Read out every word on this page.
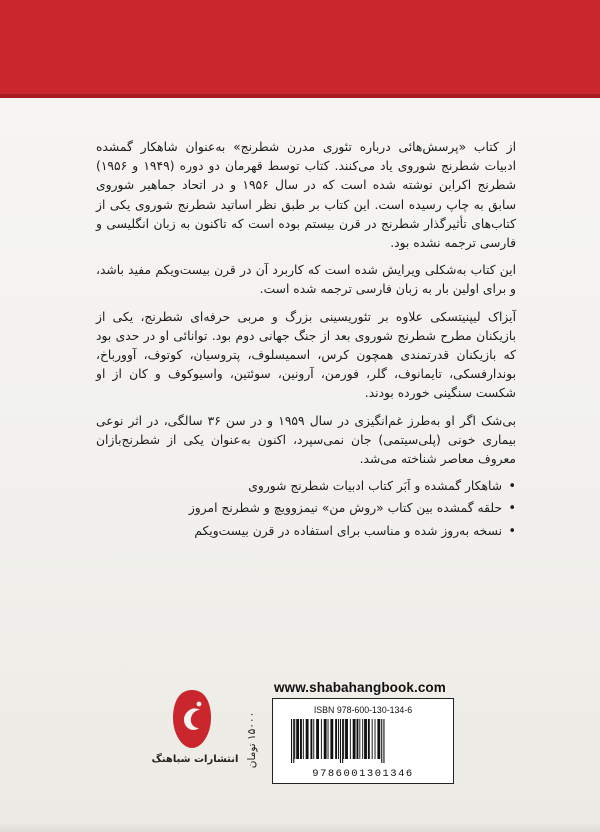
از کتاب «پرسش‌هائی درباره تئوری مدرن شطرنج» به‌عنوان شاهکار گمشده ادبیات شطرنج شوروی یاد می‌کنند. کتاب توسط قهرمان دو دوره (۱۹۴۹ و ۱۹۵۶) شطرنج اکراین نوشته شده است که در سال ۱۹۵۶ و در اتحاد جماهیر شوروی سابق به چاپ رسیده است. این کتاب بر طبق نظر اساتید شطرنج شوروی یکی از کتاب‌های تأثیرگذار شطرنج در قرن بیستم بوده است که تاکنون به زبان انگلیسی و فارسی ترجمه نشده بود.

این کتاب به‌شکلی ویرایش شده است که کاربرد آن در قرن بیست‌ویکم مفید باشد، و برای اولین بار به زبان فارسی ترجمه شده است.

آیزاک لیپنیتسکی علاوه بر تئوریسینی بزرگ و مربی حرفه‌ای شطرنج، یکی از بازیکنان مطرح شطرنج شوروی بعد از جنگ جهانی دوم بود. توانائی او در حدی بود که بازیکنان قدرتمندی همچون کرس، اسمیسلوف، پتروسیان، کوتوف، آوورباخ، بوندارفسکی، تایمانوف، گلر، فورمن، آرونین، سوئتین، واسیوکوف و کان از او شکست سنگینی خورده بودند.

بی‌شک اگر او به‌طرز غم‌انگیزی در سال ۱۹۵۹ و در سن ۳۶ سالگی، در اثر نوعی بیماری خونی (پلی‌سیتمی) جان نمی‌سپرد، اکنون به‌عنوان یکی از شطرنج‌بازان معروف معاصر شناخته می‌شد.

• شاهکار گمشده و اَبَر کتاب ادبیات شطرنج شوروی
• حلقه گمشده بین کتاب «روش من» نیمزوویچ و شطرنج امروز
• نسخه به‌روز شده و مناسب برای استفاده در قرن بیست‌ویکم
www.shabahangbook.com
ISBN 978-600-130-134-6
9786001301346
۱۵۰۰۰ تومان
انتشارات شباهنگ
